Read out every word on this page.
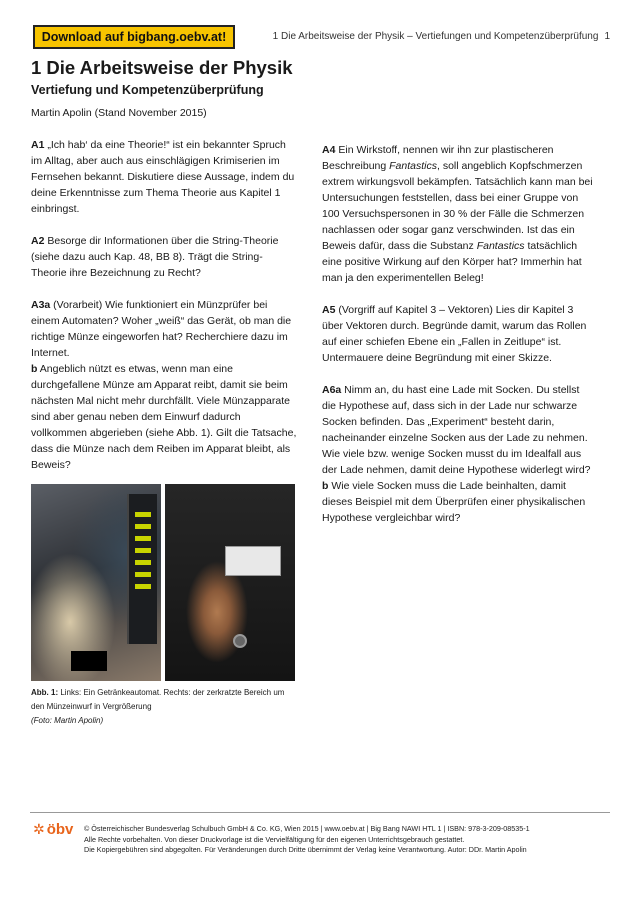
Download auf bigbang.oebv.at!	1 Die Arbeitsweise der Physik – Vertiefungen und Kompetenzüberprüfung 1
1 Die Arbeitsweise der Physik
Vertiefung und Kompetenzüberprüfung
Martin Apolin (Stand November 2015)

A1 „Ich hab‘ da eine Theorie!“ ist ein bekannter Spruch im Alltag, aber auch aus einschlägigen Krimiserien im Fernsehen bekannt. Diskutiere diese Aussage, indem du deine Erkenntnisse zum Thema Theorie aus Kapitel 1 einbringst.

A2 Besorge dir Informationen über die String-Theorie (siehe dazu auch Kap. 48, BB 8). Trägt die String-Theorie ihre Bezeichnung zu Recht?

A3a (Vorarbeit) Wie funktioniert ein Münzprüfer bei einem Automaten? Woher „weiß“ das Gerät, ob man die richtige Münze eingeworfen hat? Recherchiere dazu im Internet.
b Angeblich nützt es etwas, wenn man eine durchgefallene Münze am Apparat reibt, damit sie beim nächsten Mal nicht mehr durchfällt. Viele Münzapparate sind aber genau neben dem Einwurf dadurch vollkommen abgerieben (siehe Abb. 1). Gilt die Tatsache, dass die Münze nach dem Reiben im Apparat bleibt, als Beweis?

Abb. 1: Links: Ein Getränkeautomat. Rechts: der zerkratzte Bereich um den Münzeinwurf in Vergrößerung
(Foto: Martin Apolin)

A4 Ein Wirkstoff, nennen wir ihn zur plastischeren Beschreibung Fantastics, soll angeblich Kopfschmerzen extrem wirkungsvoll bekämpfen. Tatsächlich kann man bei Untersuchungen feststellen, dass bei einer Gruppe von 100 Versuchspersonen in 30 % der Fälle die Schmerzen nachlassen oder sogar ganz verschwinden. Ist das ein Beweis dafür, dass die Substanz Fantastics tatsächlich eine positive Wirkung auf den Körper hat? Immerhin hat man ja den experimentellen Beleg!

A5 (Vorgriff auf Kapitel 3 – Vektoren) Lies dir Kapitel 3 über Vektoren durch. Begründe damit, warum das Rollen auf einer schiefen Ebene ein „Fallen in Zeitlupe“ ist. Untermauere deine Begründung mit einer Skizze.

A6a Nimm an, du hast eine Lade mit Socken. Du stellst die Hypothese auf, dass sich in der Lade nur schwarze Socken befinden. Das „Experiment“ besteht darin, nacheinander einzelne Socken aus der Lade zu nehmen. Wie viele bzw. wenige Socken musst du im Idealfall aus der Lade nehmen, damit deine Hypothese widerlegt wird?
b Wie viele Socken muss die Lade beinhalten, damit dieses Beispiel mit dem Überprüfen einer physikalischen Hypothese vergleichbar wird?

✲ öbv © Österreichischer Bundesverlag Schulbuch GmbH & Co. KG, Wien 2015 | www.oebv.at | Big Bang NAWI HTL 1 | ISBN: 978-3-209-08535-1
Alle Rechte vorbehalten. Von dieser Druckvorlage ist die Vervielfältigung für den eigenen Unterrichtsgebrauch gestattet.
Die Kopiergebühren sind abgegolten. Für Veränderungen durch Dritte übernimmt der Verlag keine Verantwortung. Autor: DDr. Martin Apolin
